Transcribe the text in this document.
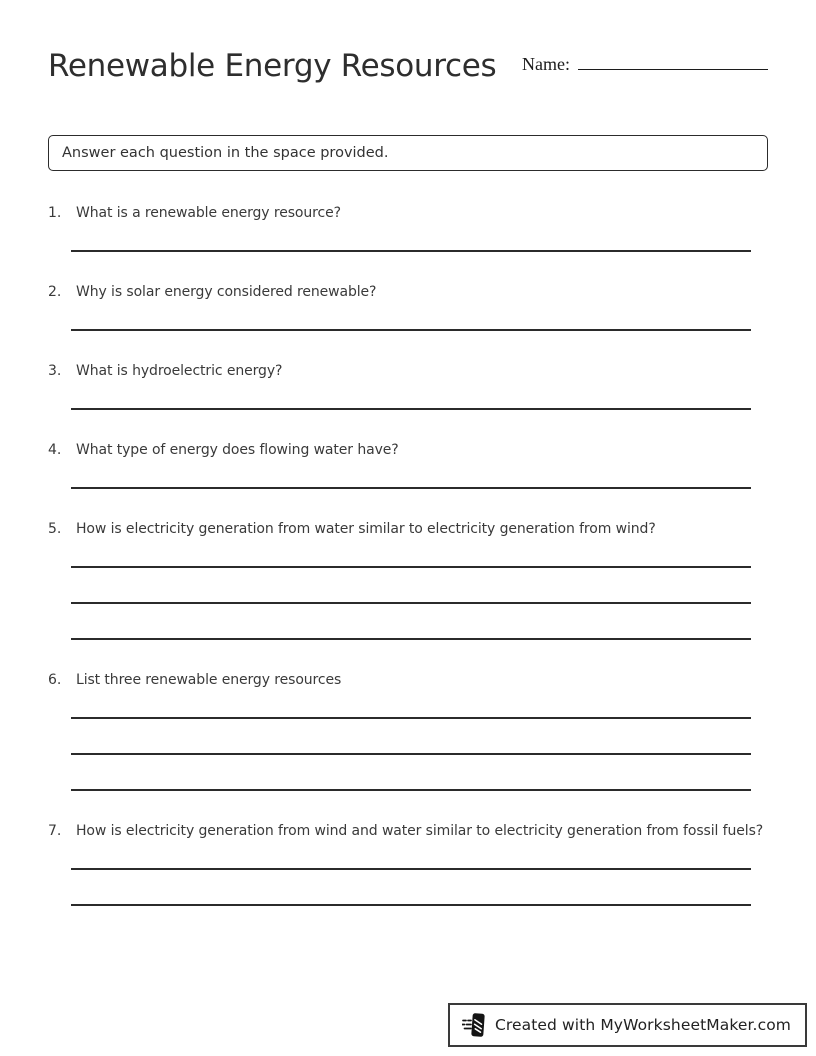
Renewable Energy Resources Name:
Answer each question in the space provided.
1.	What is a renewable energy resource?
2.	Why is solar energy considered renewable?
3.	What is hydroelectric energy?
4.	What type of energy does flowing water have?
5.	How is electricity generation from water similar to electricity generation from wind?
6.	List three renewable energy resources
7.	How is electricity generation from wind and water similar to electricity generation from fossil fuels?
Created with MyWorksheetMaker.com
